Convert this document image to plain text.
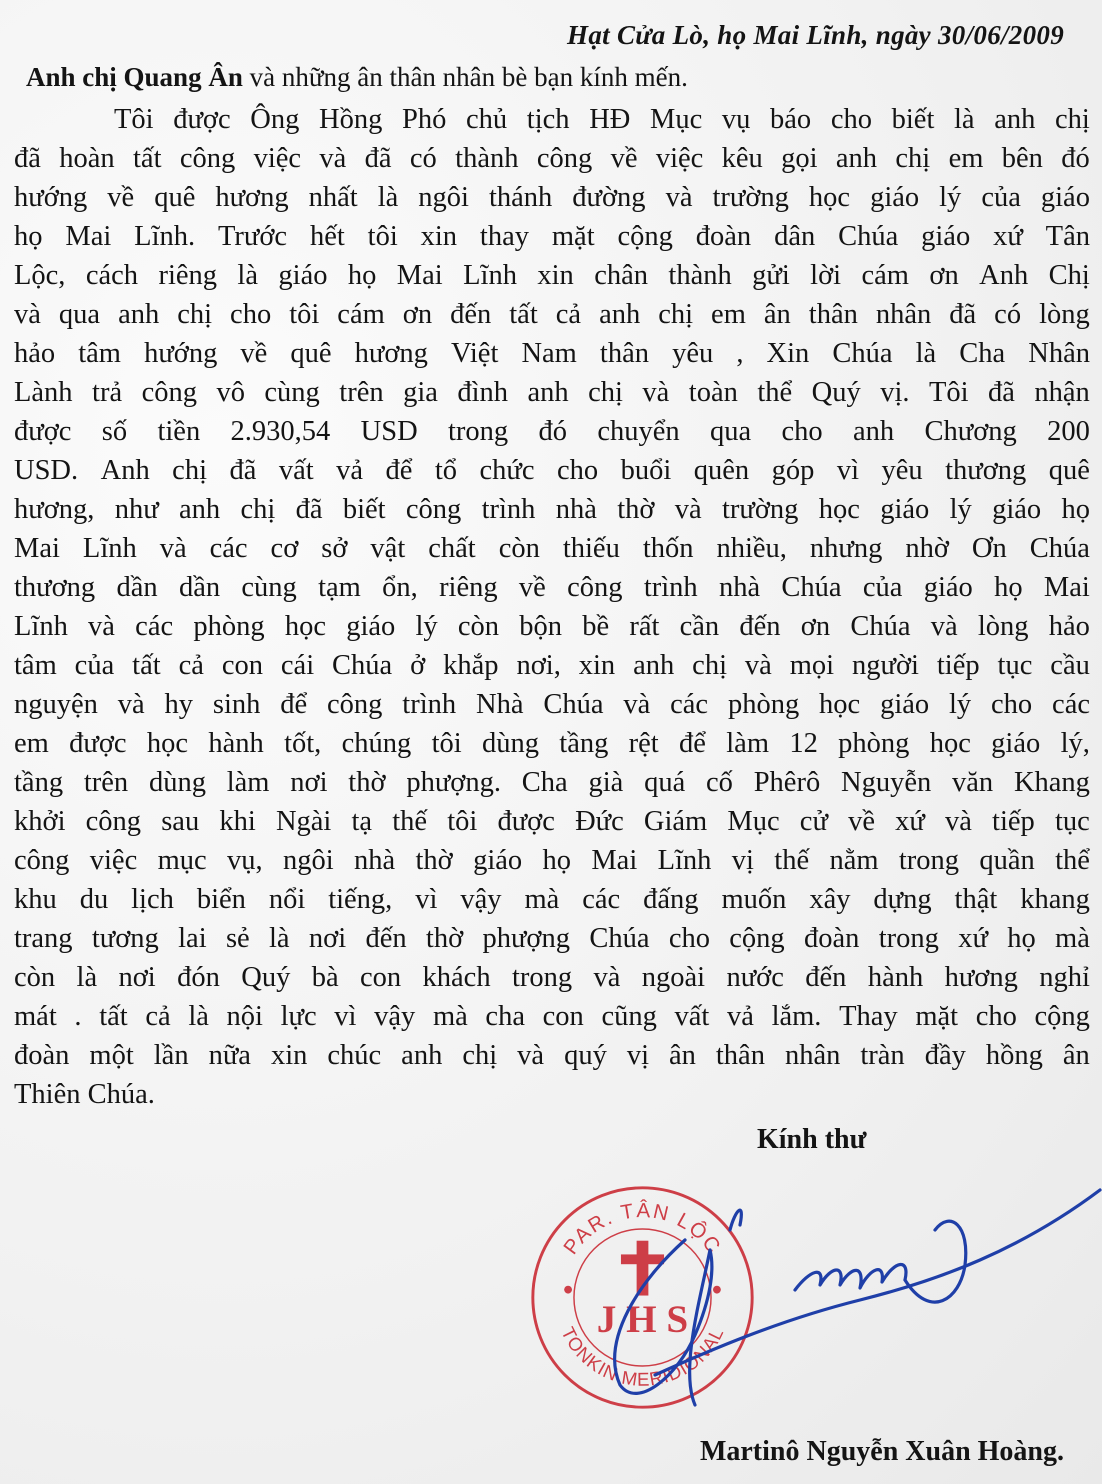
Hạt Cửa Lò, họ Mai Lĩnh, ngày 30/06/2009
Anh chị Quang Ân và những ân thân nhân bè bạn kính mến.
Tôi được Ông Hồng Phó chủ tịch HĐ Mục vụ báo cho biết là anh chị
đã hoàn tất công việc và đã có thành công về việc kêu gọi anh chị em bên đó
hướng về quê hương nhất là ngôi thánh đường và trường học giáo lý của giáo
họ Mai Lĩnh. Trước hết tôi xin thay mặt cộng đoàn dân Chúa giáo xứ Tân
Lộc, cách riêng là giáo họ Mai Lĩnh xin chân thành gửi lời cám ơn Anh Chị
và qua anh chị cho tôi cám ơn đến tất cả anh chị em ân thân nhân đã có lòng
hảo tâm hướng về quê hương Việt Nam thân yêu , Xin Chúa là Cha Nhân
Lành trả công vô cùng trên gia đình anh chị và toàn thể Quý vị. Tôi đã nhận
được số tiền 2.930,54 USD trong đó chuyển qua cho anh Chương 200
USD. Anh chị đã vất vả để tổ chức cho buổi quên góp vì yêu thương quê
hương, như anh chị đã biết công trình nhà thờ và trường học giáo lý giáo họ
Mai Lĩnh và các cơ sở vật chất còn thiếu thốn nhiều, nhưng nhờ Ơn Chúa
thương dần dần cùng tạm ổn, riêng về công trình nhà Chúa của giáo họ Mai
Lĩnh và các phòng học giáo lý còn bộn bề rất cần đến ơn Chúa và lòng hảo
tâm của tất cả con cái Chúa ở khắp nơi, xin anh chị và mọi người tiếp tục cầu
nguyện và hy sinh để công trình Nhà Chúa và các phòng học giáo lý cho các
em được học hành tốt, chúng tôi dùng tầng rệt để làm 12 phòng học giáo lý,
tầng trên dùng làm nơi thờ phượng. Cha già quá cố Phêrô Nguyễn văn Khang
khởi công sau khi Ngài tạ thế tôi được Đức Giám Mục cử về xứ và tiếp tục
công việc mục vụ, ngôi nhà thờ giáo họ Mai Lĩnh vị thế nằm trong quần thể
khu du lịch biển nổi tiếng, vì vậy mà các đấng muốn xây dựng thật khang
trang tương lai sẻ là nơi đến thờ phượng Chúa cho cộng đoàn trong xứ họ mà
còn là nơi đón Quý bà con khách trong và ngoài nước đến hành hương nghỉ
mát . tất cả là nội lực vì vậy mà cha con cũng vất vả lắm. Thay mặt cho cộng
đoàn một lần nữa xin chúc anh chị và quý vị ân thân nhân tràn đầy hồng ân
Thiên Chúa.
Kính thư
PAR. TÂN LỘC
TONKIN MERIDIONAL
J H S
Martinô Nguyễn Xuân Hoàng.
